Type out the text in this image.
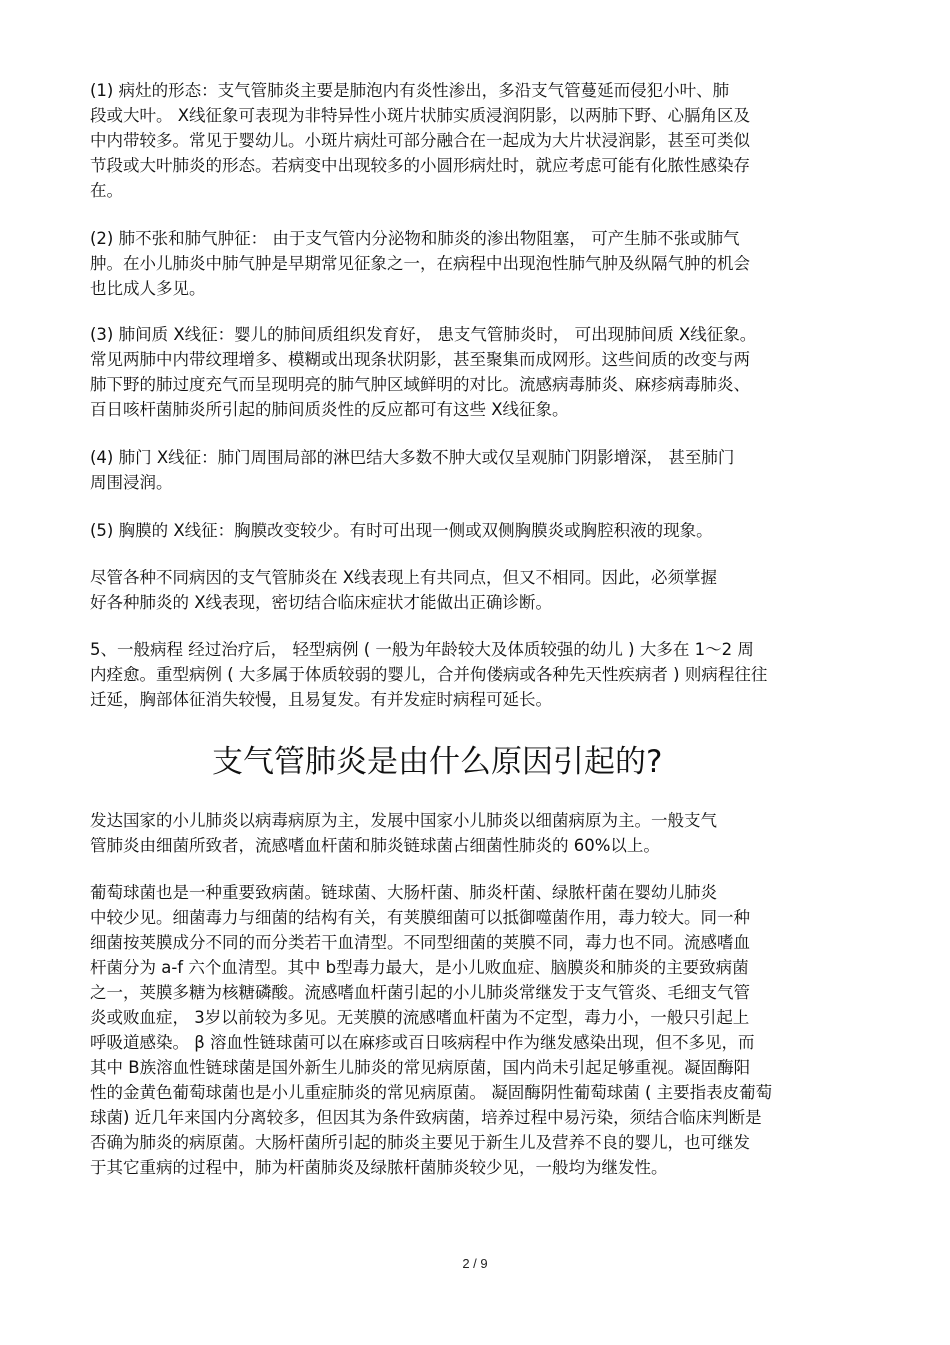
(1) 病灶的形态：支气管肺炎主要是肺泡内有炎性渗出，多沿支气管蔓延而侵犯小叶、肺
段或大叶。 X线征象可表现为非特异性小斑片状肺实质浸润阴影，以两肺下野、心膈角区及
中内带较多。常见于婴幼儿。小斑片病灶可部分融合在一起成为大片状浸润影，甚至可类似
节段或大叶肺炎的形态。若病变中出现较多的小圆形病灶时，就应考虑可能有化脓性感染存
在。

(2) 肺不张和肺气肿征： 由于支气管内分泌物和肺炎的渗出物阻塞， 可产生肺不张或肺气
肿。在小儿肺炎中肺气肿是早期常见征象之一，在病程中出现泡性肺气肿及纵隔气肿的机会
也比成人多见。

(3) 肺间质 X线征：婴儿的肺间质组织发育好， 患支气管肺炎时， 可出现肺间质 X线征象。
常见两肺中内带纹理增多、模糊或出现条状阴影，甚至聚集而成网形。这些间质的改变与两
肺下野的肺过度充气而呈现明亮的肺气肿区域鲜明的对比。流感病毒肺炎、麻疹病毒肺炎、
百日咳杆菌肺炎所引起的肺间质炎性的反应都可有这些 X线征象。

(4) 肺门 X线征：肺门周围局部的淋巴结大多数不肿大或仅呈观肺门阴影增深， 甚至肺门
周围浸润。

(5) 胸膜的 X线征：胸膜改变较少。有时可出现一侧或双侧胸膜炎或胸腔积液的现象。

尽管各种不同病因的支气管肺炎在 X线表现上有共同点，但又不相同。因此，必须掌握
好各种肺炎的 X线表现，密切结合临床症状才能做出正确诊断。

5、一般病程 经过治疗后， 轻型病例 ( 一般为年龄较大及体质较强的幼儿 ) 大多在 1～2 周
内痊愈。重型病例 ( 大多属于体质较弱的婴儿，合并佝偻病或各种先天性疾病者 ) 则病程往往
迁延，胸部体征消失较慢，且易复发。有并发症时病程可延长。

支气管肺炎是由什么原因引起的?

发达国家的小儿肺炎以病毒病原为主，发展中国家小儿肺炎以细菌病原为主。一般支气
管肺炎由细菌所致者，流感嗜血杆菌和肺炎链球菌占细菌性肺炎的 60%以上。

葡萄球菌也是一种重要致病菌。链球菌、大肠杆菌、肺炎杆菌、绿脓杆菌在婴幼儿肺炎
中较少见。细菌毒力与细菌的结构有关，有荚膜细菌可以抵御噬菌作用，毒力较大。同一种
细菌按荚膜成分不同的而分类若干血清型。不同型细菌的荚膜不同，毒力也不同。流感嗜血
杆菌分为 a-f 六个血清型。其中 b型毒力最大，是小儿败血症、脑膜炎和肺炎的主要致病菌
之一，荚膜多糖为核糖磷酸。流感嗜血杆菌引起的小儿肺炎常继发于支气管炎、毛细支气管
炎或败血症， 3岁以前较为多见。无荚膜的流感嗜血杆菌为不定型，毒力小，一般只引起上
呼吸道感染。 β 溶血性链球菌可以在麻疹或百日咳病程中作为继发感染出现，但不多见，而
其中 B族溶血性链球菌是国外新生儿肺炎的常见病原菌，国内尚未引起足够重视。凝固酶阳
性的金黄色葡萄球菌也是小儿重症肺炎的常见病原菌。 凝固酶阴性葡萄球菌 ( 主要指表皮葡萄
球菌) 近几年来国内分离较多，但因其为条件致病菌，培养过程中易污染，须结合临床判断是
否确为肺炎的病原菌。大肠杆菌所引起的肺炎主要见于新生儿及营养不良的婴儿，也可继发
于其它重病的过程中，肺为杆菌肺炎及绿脓杆菌肺炎较少见，一般均为继发性。

2 / 9
